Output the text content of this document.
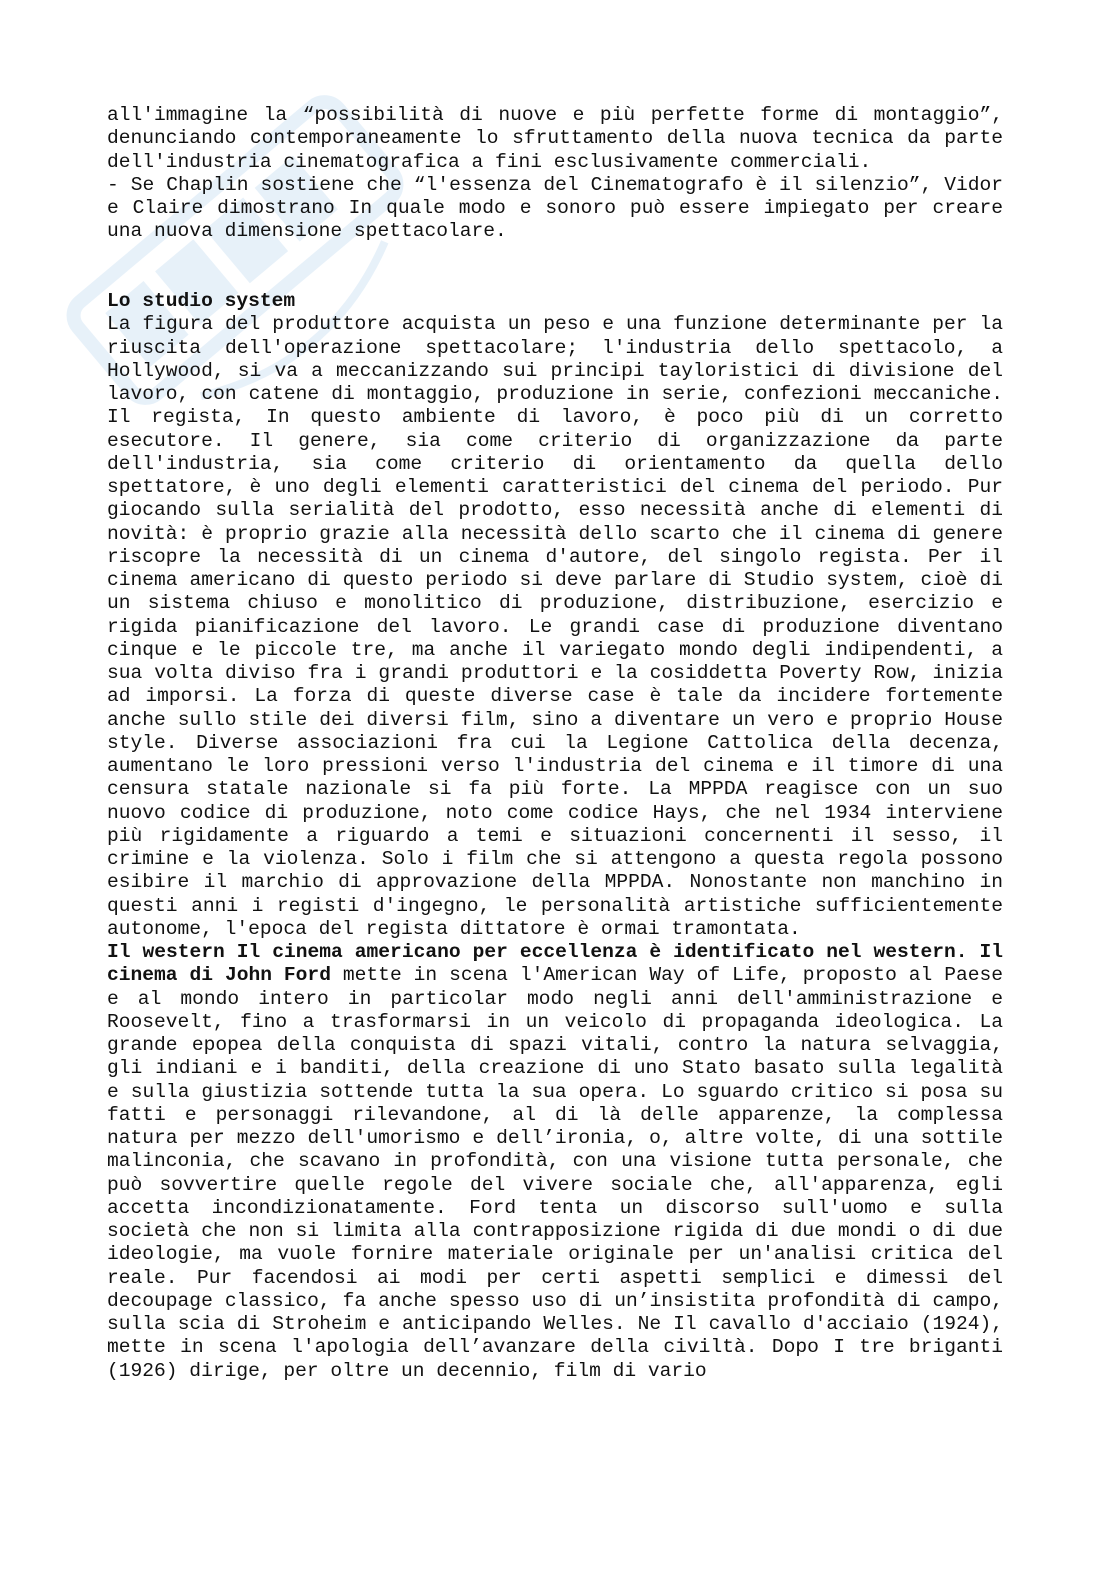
all'immagine la “possibilità di nuove e più perfette forme di montaggio”, denunciando contemporaneamente lo sfruttamento della nuova tecnica da parte dell'industria cinematografica a fini esclusivamente commerciali.

- Se Chaplin sostiene che “l'essenza del Cinematografo è il silenzio”, Vidor e Claire dimostrano In quale modo e sonoro può essere impiegato per creare una nuova dimensione spettacolare.

Lo studio system

La figura del produttore acquista un peso e una funzione determinante per la riuscita dell'operazione spettacolare; l'industria dello spettacolo, a Hollywood, si va a meccanizzando sui principi tayloristici di divisione del lavoro, con catene di montaggio, produzione in serie, confezioni meccaniche. Il regista, In questo ambiente di lavoro, è poco più di un corretto esecutore. Il genere, sia come criterio di organizzazione da parte dell'industria, sia come criterio di orientamento da quella dello spettatore, è uno degli elementi caratteristici del cinema del periodo. Pur giocando sulla serialità del prodotto, esso necessità anche di elementi di novità: è proprio grazie alla necessità dello scarto che il cinema di genere riscopre la necessità di un cinema d'autore, del singolo regista. Per il cinema americano di questo periodo si deve parlare di Studio system, cioè di un sistema chiuso e monolitico di produzione, distribuzione, esercizio e rigida pianificazione del lavoro. Le grandi case di produzione diventano cinque e le piccole tre, ma anche il variegato mondo degli indipendenti, a sua volta diviso fra i grandi produttori e la cosiddetta Poverty Row, inizia ad imporsi. La forza di queste diverse case è tale da incidere fortemente anche sullo stile dei diversi film, sino a diventare un vero e proprio House style. Diverse associazioni fra cui la Legione Cattolica della decenza, aumentano le loro pressioni verso l'industria del cinema e il timore di una censura statale nazionale si fa più forte. La MPPDA reagisce con un suo nuovo codice di produzione, noto come codice Hays, che nel 1934 interviene più rigidamente a riguardo a temi e situazioni concernenti il sesso, il crimine e la violenza. Solo i film che si attengono a questa regola possono esibire il marchio di approvazione della MPPDA. Nonostante non manchino in questi anni i registi d'ingegno, le personalità artistiche sufficientemente autonome, l'epoca del regista dittatore è ormai tramontata.

Il western Il cinema americano per eccellenza è identificato nel western. Il cinema di John Ford mette in scena l'American Way of Life, proposto al Paese e al mondo intero in particolar modo negli anni dell'amministrazione e Roosevelt, fino a trasformarsi in un veicolo di propaganda ideologica. La grande epopea della conquista di spazi vitali, contro la natura selvaggia, gli indiani e i banditi, della creazione di uno Stato basato sulla legalità e sulla giustizia sottende tutta la sua opera. Lo sguardo critico si posa su fatti e personaggi rilevandone, al di là delle apparenze, la complessa natura per mezzo dell'umorismo e dell’ironia, o, altre volte, di una sottile malinconia, che scavano in profondità, con una visione tutta personale, che può sovvertire quelle regole del vivere sociale che, all'apparenza, egli accetta incondizionatamente. Ford tenta un discorso sull'uomo e sulla società che non si limita alla contrapposizione rigida di due mondi o di due ideologie, ma vuole fornire materiale originale per un'analisi critica del reale. Pur facendosi ai modi per certi aspetti semplici e dimessi del decoupage classico, fa anche spesso uso di un’insistita profondità di campo, sulla scia di Stroheim e anticipando Welles. Ne Il cavallo d'acciaio (1924), mette in scena l'apologia dell’avanzare della civiltà. Dopo I tre briganti (1926) dirige, per oltre un decennio, film di vario
